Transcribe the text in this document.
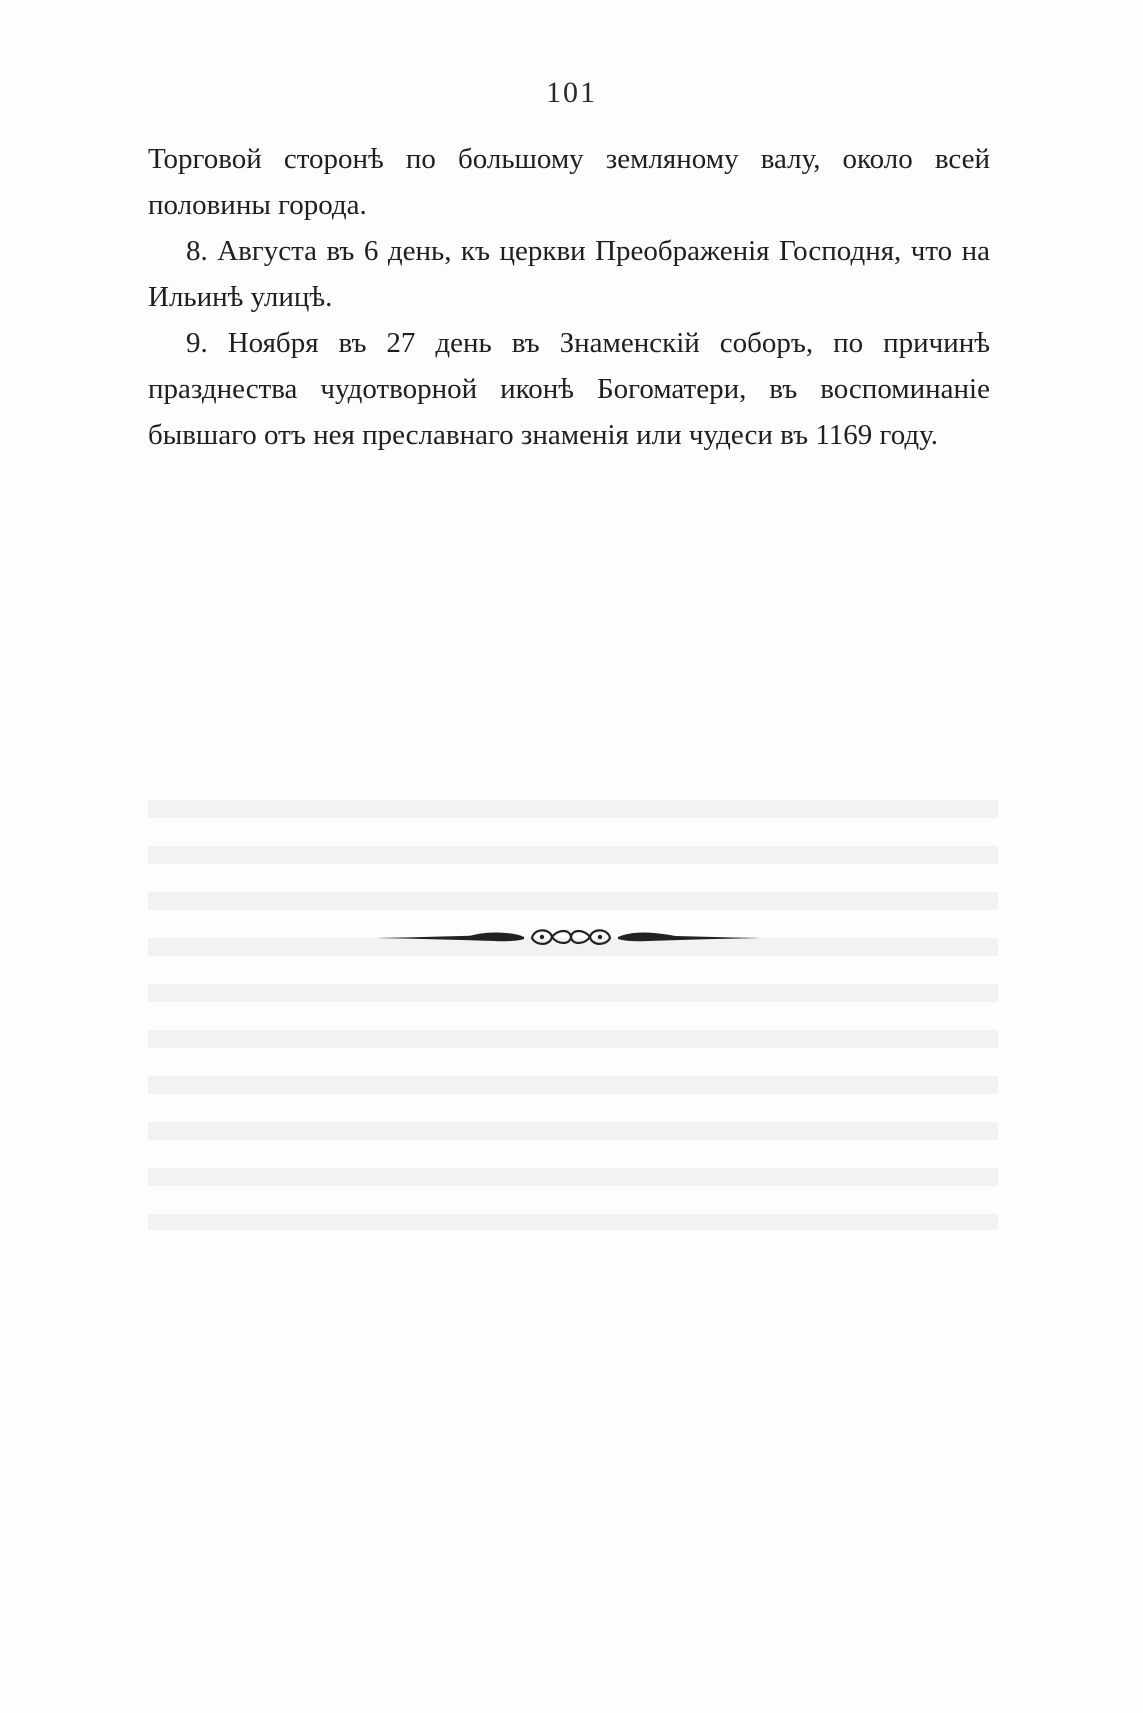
101

Торговой сторонѣ по большому земляному валу, около всей половины города.

8. Августа въ 6 день, къ церкви Преображенія Господня, что на Ильинѣ улицѣ.

9. Ноября въ 27 день въ Знаменскій соборъ, по причинѣ празднества чудотворной иконѣ Богоматери, въ воспоминаніе бывшаго отъ нея преславнаго знаменія или чудеси въ 1169 году.
